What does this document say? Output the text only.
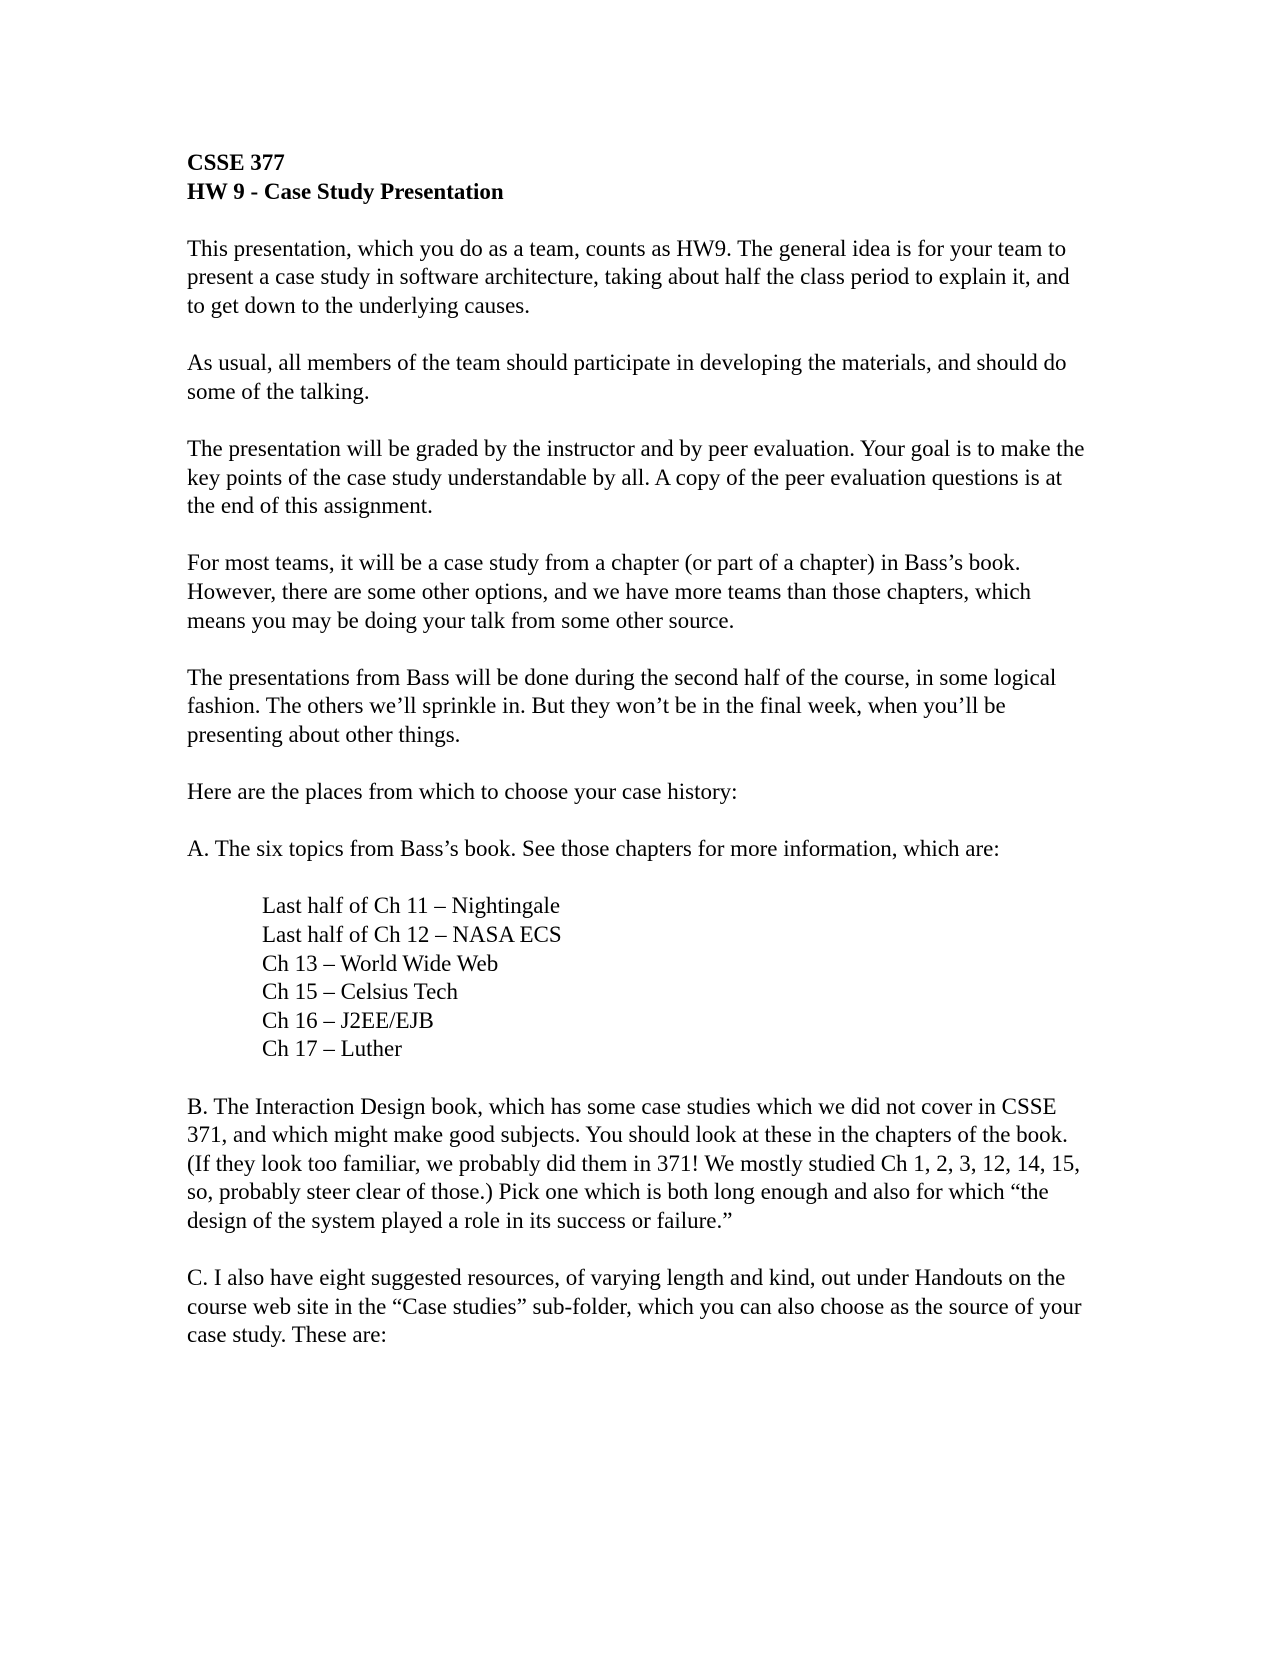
CSSE 377

HW 9 - Case Study Presentation

This presentation, which you do as a team, counts as HW9. The general idea is for your team to present a case study in software architecture, taking about half the class period to explain it, and to get down to the underlying causes.

As usual, all members of the team should participate in developing the materials, and should do some of the talking.

The presentation will be graded by the instructor and by peer evaluation. Your goal is to make the key points of the case study understandable by all. A copy of the peer evaluation questions is at the end of this assignment.

For most teams, it will be a case study from a chapter (or part of a chapter) in Bass’s book. However, there are some other options, and we have more teams than those chapters, which means you may be doing your talk from some other source.

The presentations from Bass will be done during the second half of the course, in some logical fashion. The others we’ll sprinkle in. But they won’t be in the final week, when you’ll be presenting about other things.

Here are the places from which to choose your case history:

A. The six topics from Bass’s book. See those chapters for more information, which are:

Last half of Ch 11 – Nightingale
Last half of Ch 12 – NASA ECS
Ch 13 – World Wide Web
Ch 15 – Celsius Tech
Ch 16 – J2EE/EJB
Ch 17 – Luther

B. The Interaction Design book, which has some case studies which we did not cover in CSSE 371, and which might make good subjects. You should look at these in the chapters of the book. (If they look too familiar, we probably did them in 371! We mostly studied Ch 1, 2, 3, 12, 14, 15, so, probably steer clear of those.) Pick one which is both long enough and also for which “the design of the system played a role in its success or failure.”

C. I also have eight suggested resources, of varying length and kind, out under Handouts on the course web site in the “Case studies” sub-folder, which you can also choose as the source of your case study. These are:
